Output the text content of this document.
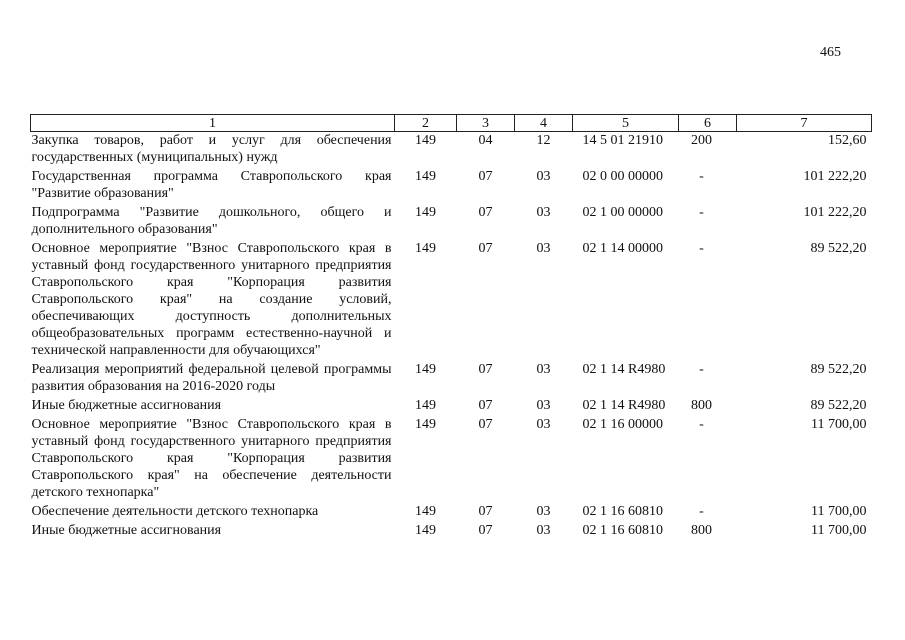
465
1	2	3	4	5	6	7
Закупка товаров, работ и услуг для обеспечения государственных (муниципальных) нужд	149	04	12	14 5 01 21910	200	152,60
Государственная программа Ставропольского края "Развитие образования"	149	07	03	02 0 00 00000	-	101 222,20
Подпрограмма "Развитие дошкольного, общего и дополнительного образования"	149	07	03	02 1 00 00000	-	101 222,20
Основное мероприятие "Взнос Ставропольского края в уставный фонд государственного унитарного предприятия Ставропольского края "Корпорация развития Ставропольского края" на создание условий, обеспечивающих доступность дополнительных общеобразовательных программ естественно-научной и технической направленности для обучающихся"	149	07	03	02 1 14 00000	-	89 522,20
Реализация мероприятий федеральной целевой программы развития образования на 2016-2020 годы	149	07	03	02 1 14 R4980	-	89 522,20
Иные бюджетные ассигнования	149	07	03	02 1 14 R4980	800	89 522,20
Основное мероприятие "Взнос Ставропольского края в уставный фонд государственного унитарного предприятия Ставропольского края "Корпорация развития Ставропольского края" на обеспечение деятельности детского технопарка"	149	07	03	02 1 16 00000	-	11 700,00
Обеспечение деятельности детского технопарка	149	07	03	02 1 16 60810	-	11 700,00
Иные бюджетные ассигнования	149	07	03	02 1 16 60810	800	11 700,00
